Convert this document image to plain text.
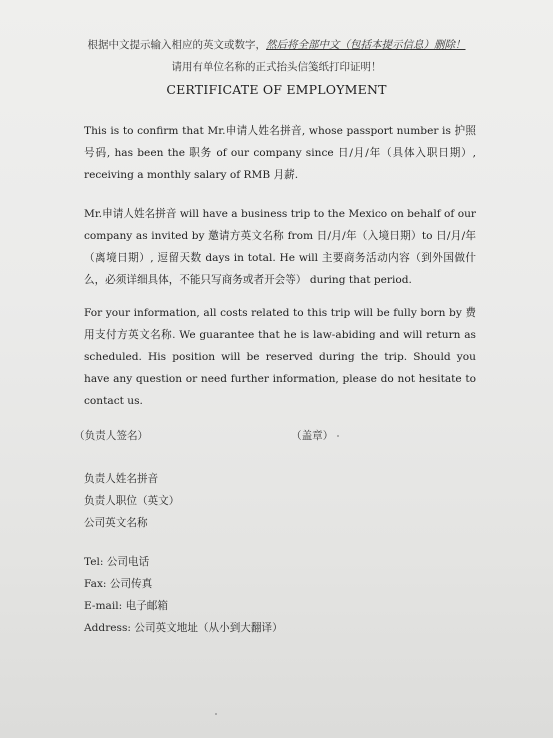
根据中文提示输入相应的英文或数字，然后将全部中文（包括本提示信息）删除！
请用有单位名称的正式抬头信笺纸打印证明！
CERTIFICATE OF EMPLOYMENT
This is to confirm that Mr.申请人姓名拼音, whose passport number is 护照号码, has been the 职务 of our company since 日/月/年（具体入职日期）, receiving a monthly salary of RMB 月薪.
Mr.申请人姓名拼音 will have a business trip to the Mexico on behalf of our company as invited by 邀请方英文名称 from 日/月/年（入境日期）to 日/月/年（离境日期）, 逗留天数 days in total. He will 主要商务活动内容（到外国做什么，必须详细具体，不能只写商务或者开会等） during that period.
For your information, all costs related to this trip will be fully born by 费用支付方英文名称. We guarantee that he is law-abiding and will return as scheduled. His position will be reserved during the trip. Should you have any question or need further information, please do not hesitate to contact us.
（负责人签名）	（盖章）
负责人姓名拼音
负责人职位（英文）
公司英文名称
Tel: 公司电话
Fax: 公司传真
E-mail: 电子邮箱
Address: 公司英文地址（从小到大翻译）
